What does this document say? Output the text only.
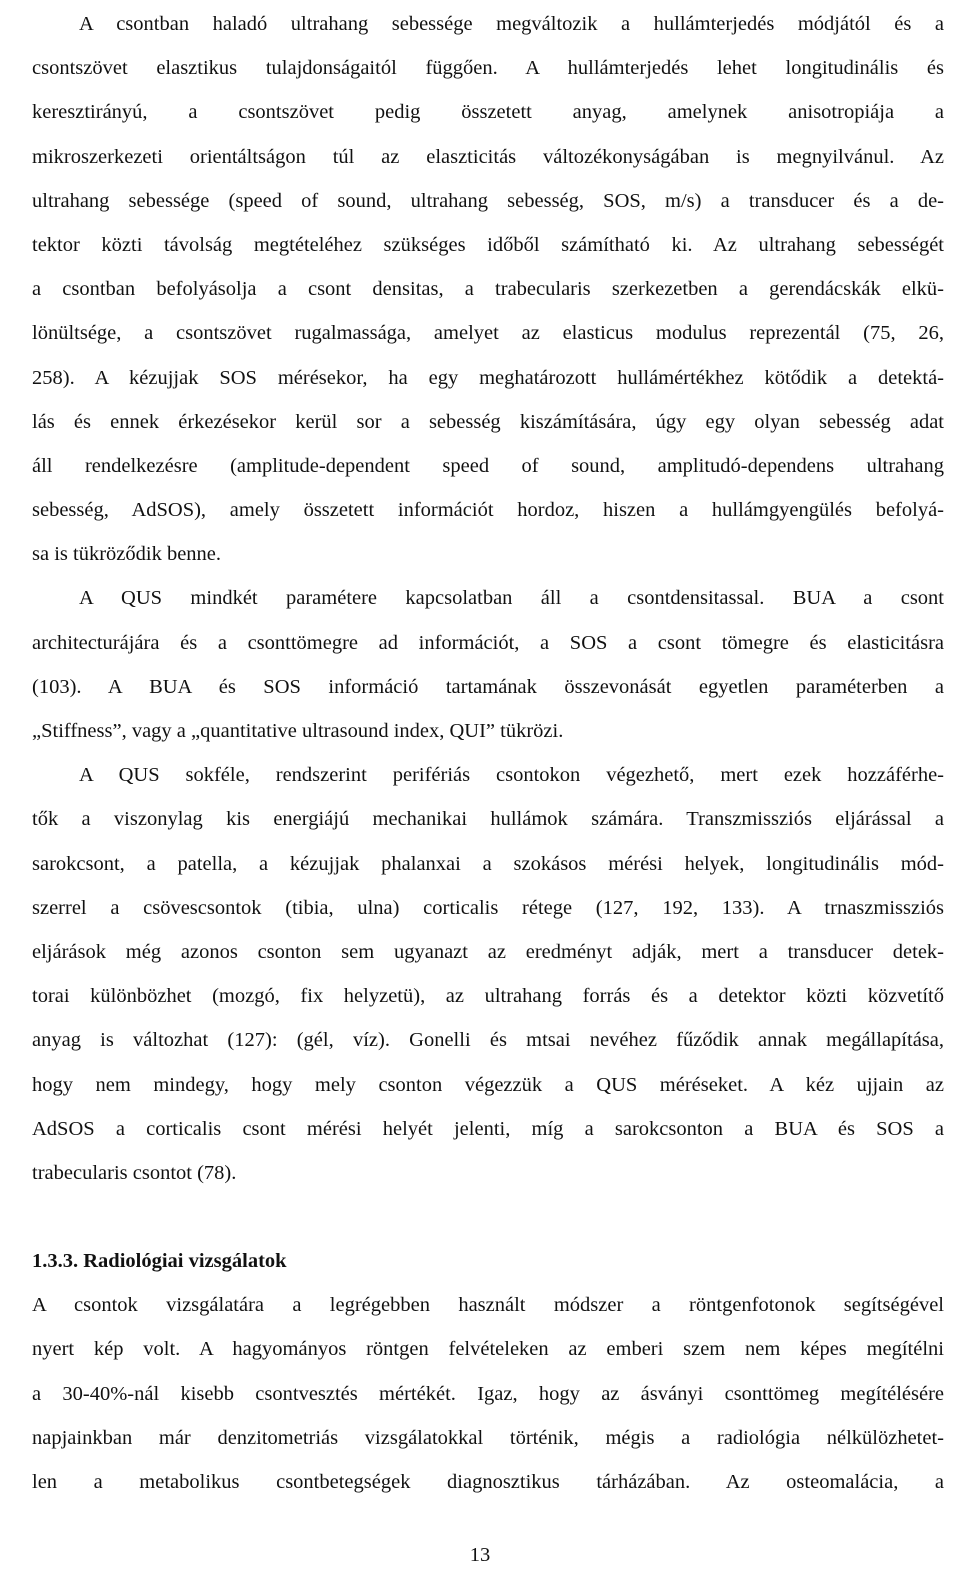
A csontban haladó ultrahang sebessége megváltozik a hullámterjedés módjától és a
csontszövet elasztikus tulajdonságaitól függően. A hullámterjedés lehet longitudinális és
keresztirányú, a csontszövet pedig összetett anyag, amelynek anisotropiája a
mikroszerkezeti orientáltságon túl az elaszticitás változékonyságában is megnyilvánul. Az
ultrahang sebessége (speed of sound, ultrahang sebesség, SOS, m/s) a transducer és a de-
tektor közti távolság megtételéhez szükséges időből számítható ki. Az ultrahang sebességét
a csontban befolyásolja a csont densitas, a trabecularis szerkezetben a gerendácskák elkü-
lönültsége, a csontszövet rugalmassága, amelyet az elasticus modulus reprezentál (75, 26,
258). A kézujjak SOS mérésekor, ha egy meghatározott hullámértékhez kötődik a detektá-
lás és ennek érkezésekor kerül sor a sebesség kiszámítására, úgy egy olyan sebesség adat
áll rendelkezésre (amplitude-dependent speed of sound, amplitudó-dependens ultrahang
sebesség, AdSOS), amely összetett információt hordoz, hiszen a hullámgyengülés befolyá-
sa is tükröződik benne.
A QUS mindkét paramétere kapcsolatban áll a csontdensitassal. BUA a csont
architecturájára és a csonttömegre ad információt, a SOS a csont tömegre és elasticitásra
(103). A BUA és SOS információ tartamának összevonását egyetlen paraméterben a
„Stiffness”, vagy a „quantitative ultrasound index, QUI” tükrözi.
A QUS sokféle, rendszerint perifériás csontokon végezhető, mert ezek hozzáférhe-
tők a viszonylag kis energiájú mechanikai hullámok számára. Transzmissziós eljárással a
sarokcsont, a patella, a kézujjak phalanxai a szokásos mérési helyek, longitudinális mód-
szerrel a csövescsontok (tibia, ulna) corticalis rétege (127, 192, 133). A trnaszmissziós
eljárások még azonos csonton sem ugyanazt az eredményt adják, mert a transducer detek-
torai különbözhet (mozgó, fix helyzetü), az ultrahang forrás és a detektor közti közvetítő
anyag is változhat (127): (gél, víz). Gonelli és mtsai nevéhez fűződik annak megállapítása,
hogy nem mindegy, hogy mely csonton végezzük a QUS méréseket. A kéz ujjain az
AdSOS a corticalis csont mérési helyét jelenti, míg a sarokcsonton a BUA és SOS a
trabecularis csontot (78).
1.3.3. Radiológiai vizsgálatok
A csontok vizsgálatára a legrégebben használt módszer a röntgenfotonok segítségével
nyert kép volt. A hagyományos röntgen felvételeken az emberi szem nem képes megítélni
a 30-40%-nál kisebb csontvesztés mértékét. Igaz, hogy az ásványi csonttömeg megítélésére
napjainkban már denzitometriás vizsgálatokkal történik, mégis a radiológia nélkülözhetet-
len a metabolikus csontbetegségek diagnosztikus tárházában. Az osteomalácia, a
13
